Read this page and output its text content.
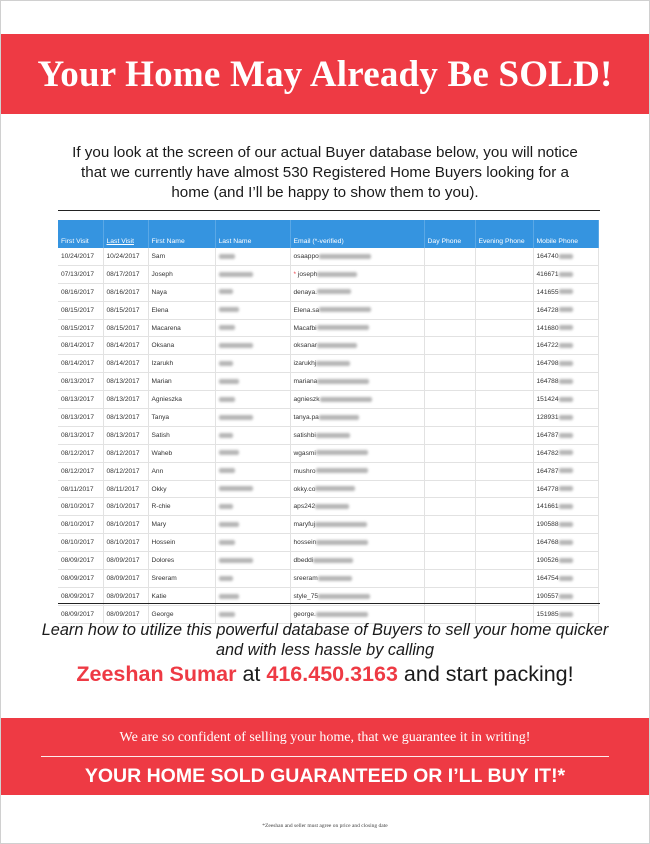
Your Home May Already Be SOLD!
If you look at the screen of our actual Buyer database below, you will notice that we currently have almost 530 Registered Home Buyers looking for a home (and I’ll be happy to show them to you).
First Visit	Last Visit	First Name	Last Name	Email (*-verified)	Day Phone	Evening Phone	Mobile Phone
10/24/2017	10/24/2017	Sam		osaappo			164740
07/13/2017	08/17/2017	Joseph		* joseph			416671
08/16/2017	08/16/2017	Naya		denaya.			141655
08/15/2017	08/15/2017	Elena		Elena.sa			164728
08/15/2017	08/15/2017	Macarena		Macafbi			141680
08/14/2017	08/14/2017	Oksana		oksanar			164722
08/14/2017	08/14/2017	Izarukh		izarukhj			164798
08/13/2017	08/13/2017	Marian		mariana			164788
08/13/2017	08/13/2017	Agnieszka		agnieszk			151424
08/13/2017	08/13/2017	Tanya		tanya.pa			128931
08/13/2017	08/13/2017	Satish		satishbi			164787
08/12/2017	08/12/2017	Waheb		wgasmi			164782
08/12/2017	08/12/2017	Ann		mushro			164787
08/11/2017	08/11/2017	Okky		okky.co			164778
08/10/2017	08/10/2017	R-chie		aps242			141661
08/10/2017	08/10/2017	Mary		maryfuj			190588
08/10/2017	08/10/2017	Hossein		hossein			164768
08/09/2017	08/09/2017	Dolores		dbeddi			190526
08/09/2017	08/09/2017	Sreeram		sreeram			164754
08/09/2017	08/09/2017	Katie		style_75			190557
08/09/2017	08/09/2017	George		george.			151985
Learn how to utilize this powerful database of Buyers to sell your home quicker and with less hassle by calling
Zeeshan Sumar at 416.450.3163 and start packing!
We are so confident of selling your home, that we guarantee it in writing!
YOUR HOME SOLD GUARANTEED OR I’LL BUY IT!*
*Zeeshan and seller must agree on price and closing date
